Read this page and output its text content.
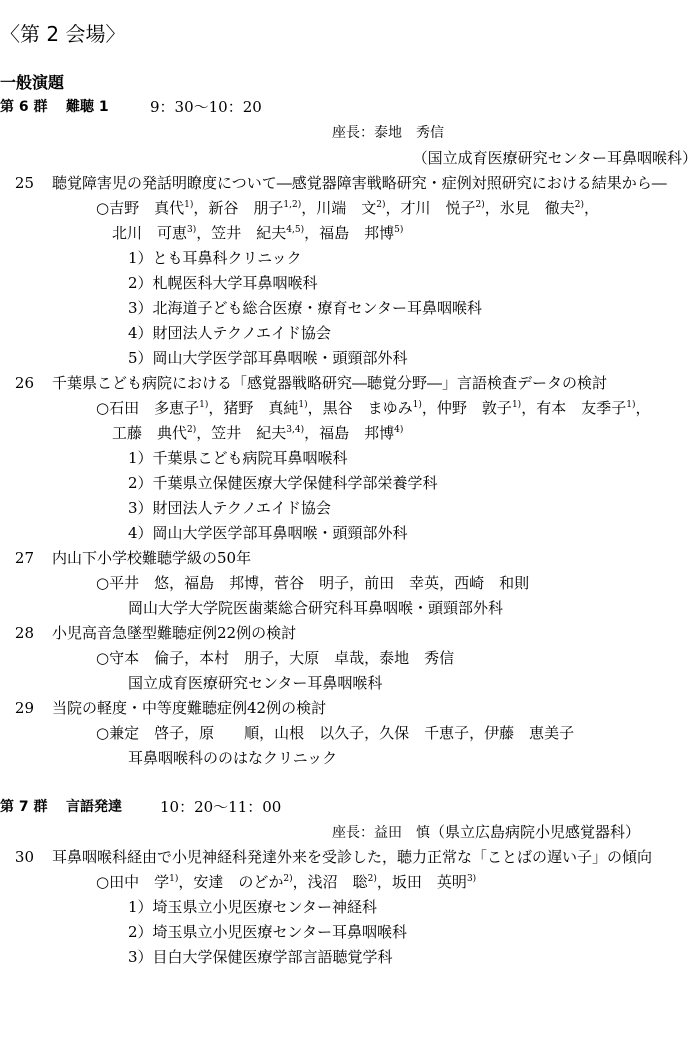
〈第 2 会場〉
一般演題
第 6 群 難聴 1	9：30〜10：20
座長：泰地　秀信
（国立成育医療研究センター耳鼻咽喉科）
25 聴覚障害児の発話明瞭度について―感覚器障害戦略研究・症例対照研究における結果から―
○吉野　真代$^{1)}$，新谷　朋子$^{1,2)}$，川端　文$^{2)}$，才川　悦子$^{2)}$，氷見　徹夫$^{2)}$，
北川　可恵$^{3)}$，笠井　紀夫$^{4,5)}$，福島　邦博$^{5)}$
1）とも耳鼻科クリニック
2）札幌医科大学耳鼻咽喉科
3）北海道子ども総合医療・療育センター耳鼻咽喉科
4）財団法人テクノエイド協会
5）岡山大学医学部耳鼻咽喉・頭頸部外科
26 千葉県こども病院における「感覚器戦略研究―聴覚分野―」言語検査データの検討
○石田　多恵子$^{1)}$，猪野　真純$^{1)}$，黒谷　まゆみ$^{1)}$，仲野　敦子$^{1)}$，有本　友季子$^{1)}$，
工藤　典代$^{2)}$，笠井　紀夫$^{3,4)}$，福島　邦博$^{4)}$
1）千葉県こども病院耳鼻咽喉科
2）千葉県立保健医療大学保健科学部栄養学科
3）財団法人テクノエイド協会
4）岡山大学医学部耳鼻咽喉・頭頸部外科
27 内山下小学校難聴学級の50年
○平井　悠，福島　邦博，菅谷　明子，前田　幸英，西崎　和則
岡山大学大学院医歯薬総合研究科耳鼻咽喉・頭頸部外科
28 小児高音急墜型難聴症例22例の検討
○守本　倫子，本村　朋子，大原　卓哉，泰地　秀信
国立成育医療研究センター耳鼻咽喉科
29 当院の軽度・中等度難聴症例42例の検討
○兼定　啓子，原　　順，山根　以久子，久保　千恵子，伊藤　恵美子
耳鼻咽喉科ののはなクリニック
第 7 群 言語発達	10：20〜11：00
座長：益田　慎（県立広島病院小児感覚器科）
30 耳鼻咽喉科経由で小児神経科発達外来を受診した，聴力正常な「ことばの遅い子」の傾向
○田中　学$^{1)}$，安達　のどか$^{2)}$，浅沼　聡$^{2)}$，坂田　英明$^{3)}$
1）埼玉県立小児医療センター神経科
2）埼玉県立小児医療センター耳鼻咽喉科
3）目白大学保健医療学部言語聴覚学科
